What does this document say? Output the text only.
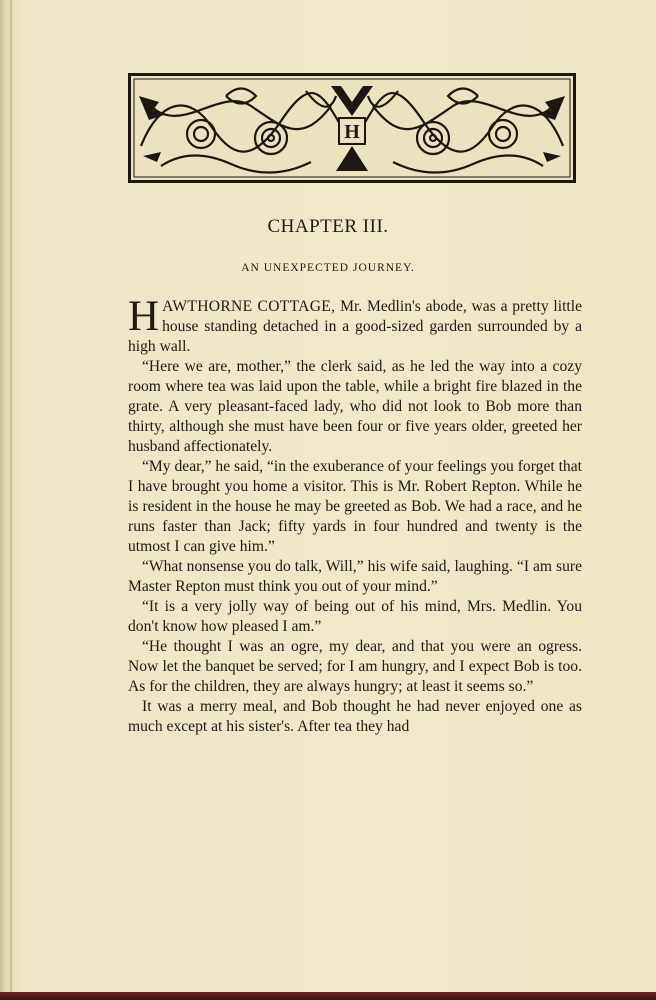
H
CHAPTER III.
AN UNEXPECTED JOURNEY.

HAWTHORNE COTTAGE, Mr. Medlin's abode, was a pretty little house standing detached in a good-sized garden surrounded by a high wall.

“Here we are, mother,” the clerk said, as he led the way into a cozy room where tea was laid upon the table, while a bright fire blazed in the grate. A very pleasant-faced lady, who did not look to Bob more than thirty, although she must have been four or five years older, greeted her husband affectionately.

“My dear,” he said, “in the exuberance of your feelings you forget that I have brought you home a visitor. This is Mr. Robert Repton. While he is resident in the house he may be greeted as Bob. We had a race, and he runs faster than Jack; fifty yards in four hundred and twenty is the utmost I can give him.”

“What nonsense you do talk, Will,” his wife said, laughing. “I am sure Master Repton must think you out of your mind.”

“It is a very jolly way of being out of his mind, Mrs. Medlin. You don't know how pleased I am.”

“He thought I was an ogre, my dear, and that you were an ogress. Now let the banquet be served; for I am hungry, and I expect Bob is too. As for the children, they are always hungry; at least it seems so.”

It was a merry meal, and Bob thought he had never enjoyed one as much except at his sister's. After tea they had
